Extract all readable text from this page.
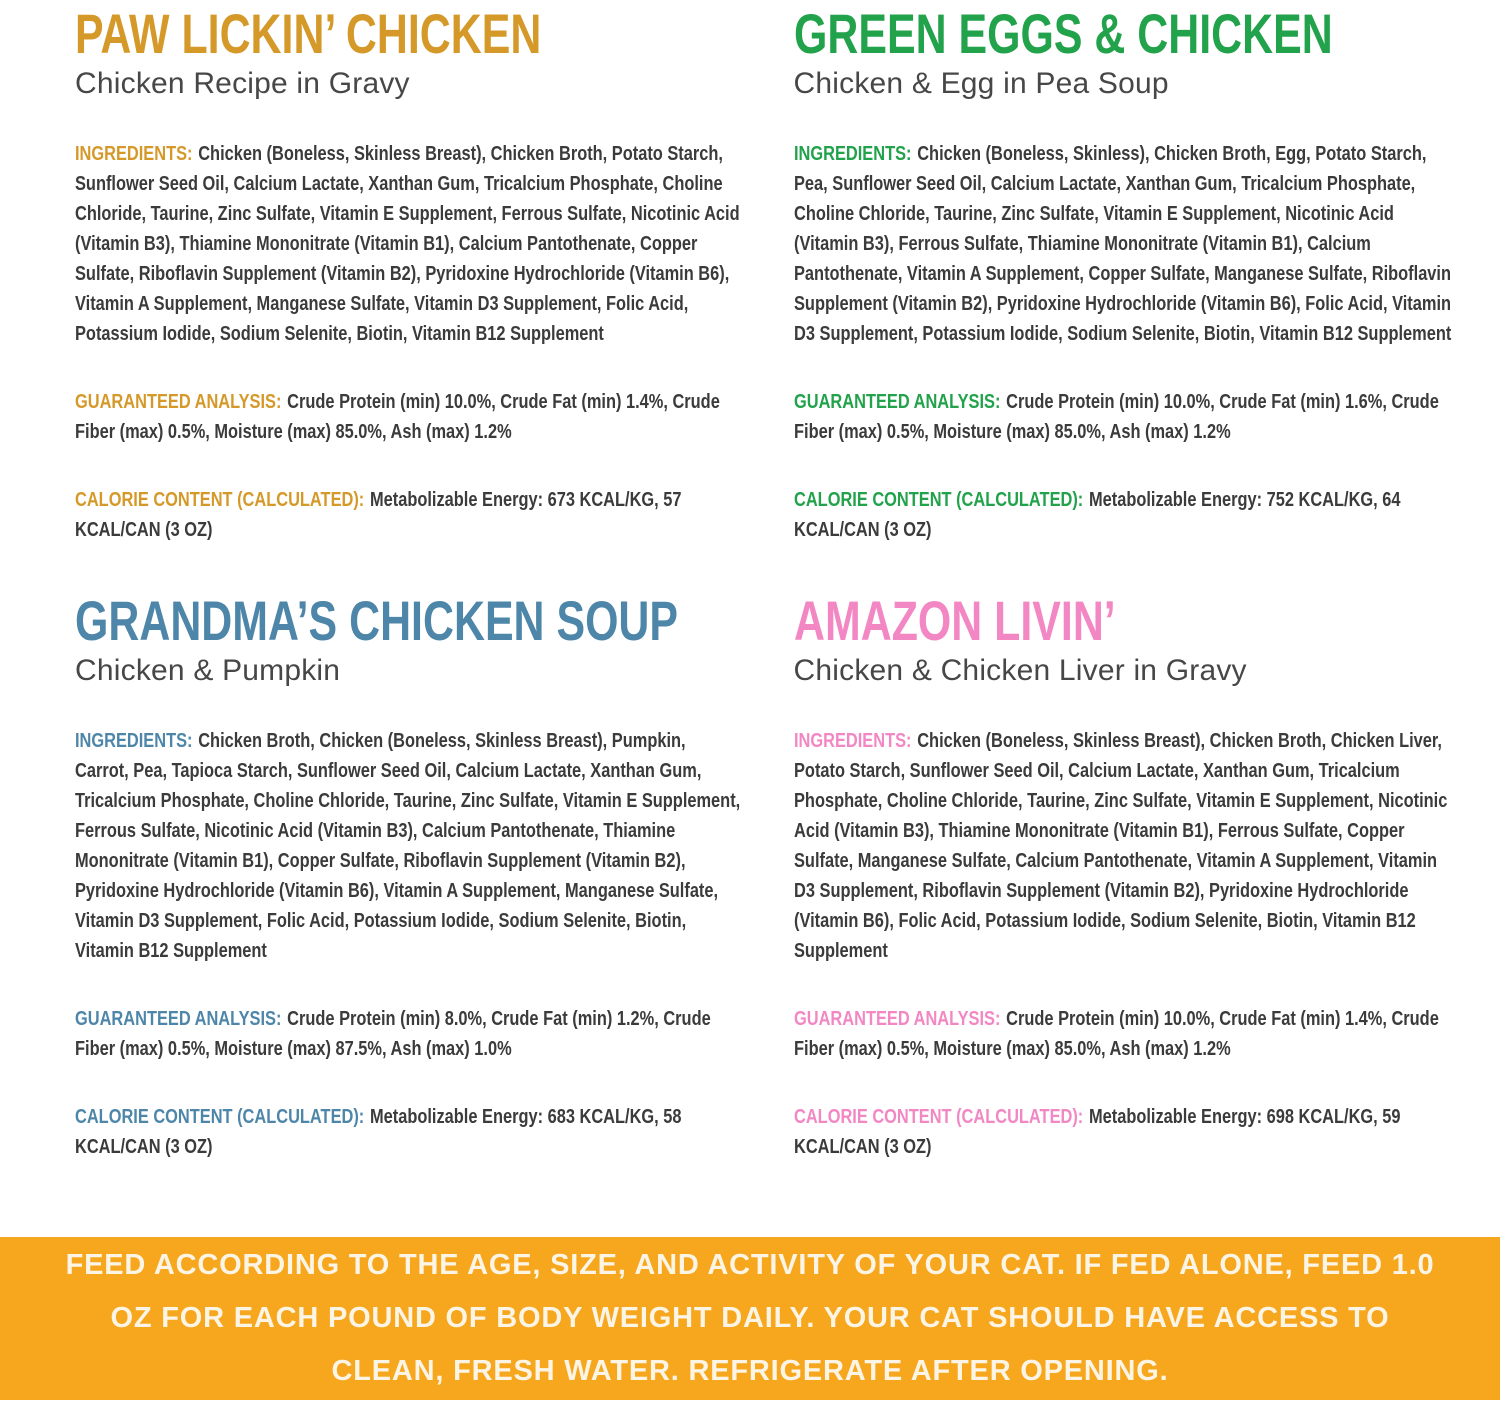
PAW LICKIN’ CHICKEN
Chicken Recipe in Gravy

INGREDIENTS: Chicken (Boneless, Skinless Breast), Chicken Broth, Potato Starch, Sunflower Seed Oil, Calcium Lactate, Xanthan Gum, Tricalcium Phosphate, Choline Chloride, Taurine, Zinc Sulfate, Vitamin E Supplement, Ferrous Sulfate, Nicotinic Acid (Vitamin B3), Thiamine Mononitrate (Vitamin B1), Calcium Pantothenate, Copper Sulfate, Riboflavin Supplement (Vitamin B2), Pyridoxine Hydrochloride (Vitamin B6), Vitamin A Supplement, Manganese Sulfate, Vitamin D3 Supplement, Folic Acid, Potassium Iodide, Sodium Selenite, Biotin, Vitamin B12 Supplement

GUARANTEED ANALYSIS: Crude Protein (min) 10.0%, Crude Fat (min) 1.4%, Crude Fiber (max) 0.5%, Moisture (max) 85.0%, Ash (max) 1.2%

CALORIE CONTENT (CALCULATED): Metabolizable Energy: 673 KCAL/KG, 57 KCAL/CAN (3 OZ)

GREEN EGGS & CHICKEN
Chicken & Egg in Pea Soup

INGREDIENTS: Chicken (Boneless, Skinless), Chicken Broth, Egg, Potato Starch, Pea, Sunflower Seed Oil, Calcium Lactate, Xanthan Gum, Tricalcium Phosphate, Choline Chloride, Taurine, Zinc Sulfate, Vitamin E Supplement, Nicotinic Acid (Vitamin B3), Ferrous Sulfate, Thiamine Mononitrate (Vitamin B1), Calcium Pantothenate, Vitamin A Supplement, Copper Sulfate, Manganese Sulfate, Riboflavin Supplement (Vitamin B2), Pyridoxine Hydrochloride (Vitamin B6), Folic Acid, Vitamin D3 Supplement, Potassium Iodide, Sodium Selenite, Biotin, Vitamin B12 Supplement

GUARANTEED ANALYSIS: Crude Protein (min) 10.0%, Crude Fat (min) 1.6%, Crude Fiber (max) 0.5%, Moisture (max) 85.0%, Ash (max) 1.2%

CALORIE CONTENT (CALCULATED): Metabolizable Energy: 752 KCAL/KG, 64 KCAL/CAN (3 OZ)

GRANDMA’S CHICKEN SOUP
Chicken & Pumpkin

INGREDIENTS: Chicken Broth, Chicken (Boneless, Skinless Breast), Pumpkin, Carrot, Pea, Tapioca Starch, Sunflower Seed Oil, Calcium Lactate, Xanthan Gum, Tricalcium Phosphate, Choline Chloride, Taurine, Zinc Sulfate, Vitamin E Supplement, Ferrous Sulfate, Nicotinic Acid (Vitamin B3), Calcium Pantothenate, Thiamine Mononitrate (Vitamin B1), Copper Sulfate, Riboflavin Supplement (Vitamin B2), Pyridoxine Hydrochloride (Vitamin B6), Vitamin A Supplement, Manganese Sulfate, Vitamin D3 Supplement, Folic Acid, Potassium Iodide, Sodium Selenite, Biotin, Vitamin B12 Supplement

GUARANTEED ANALYSIS: Crude Protein (min) 8.0%, Crude Fat (min) 1.2%, Crude Fiber (max) 0.5%, Moisture (max) 87.5%, Ash (max) 1.0%

CALORIE CONTENT (CALCULATED): Metabolizable Energy: 683 KCAL/KG, 58 KCAL/CAN (3 OZ)

AMAZON LIVIN’
Chicken & Chicken Liver in Gravy

INGREDIENTS: Chicken (Boneless, Skinless Breast), Chicken Broth, Chicken Liver, Potato Starch, Sunflower Seed Oil, Calcium Lactate, Xanthan Gum, Tricalcium Phosphate, Choline Chloride, Taurine, Zinc Sulfate, Vitamin E Supplement, Nicotinic Acid (Vitamin B3), Thiamine Mononitrate (Vitamin B1), Ferrous Sulfate, Copper Sulfate, Manganese Sulfate, Calcium Pantothenate, Vitamin A Supplement, Vitamin D3 Supplement, Riboflavin Supplement (Vitamin B2), Pyridoxine Hydrochloride (Vitamin B6), Folic Acid, Potassium Iodide, Sodium Selenite, Biotin, Vitamin B12 Supplement

GUARANTEED ANALYSIS: Crude Protein (min) 10.0%, Crude Fat (min) 1.4%, Crude Fiber (max) 0.5%, Moisture (max) 85.0%, Ash (max) 1.2%

CALORIE CONTENT (CALCULATED): Metabolizable Energy: 698 KCAL/KG, 59 KCAL/CAN (3 OZ)

FEED ACCORDING TO THE AGE, SIZE, AND ACTIVITY OF YOUR CAT. IF FED ALONE, FEED 1.0 OZ FOR EACH POUND OF BODY WEIGHT DAILY. YOUR CAT SHOULD HAVE ACCESS TO CLEAN, FRESH WATER. REFRIGERATE AFTER OPENING.
